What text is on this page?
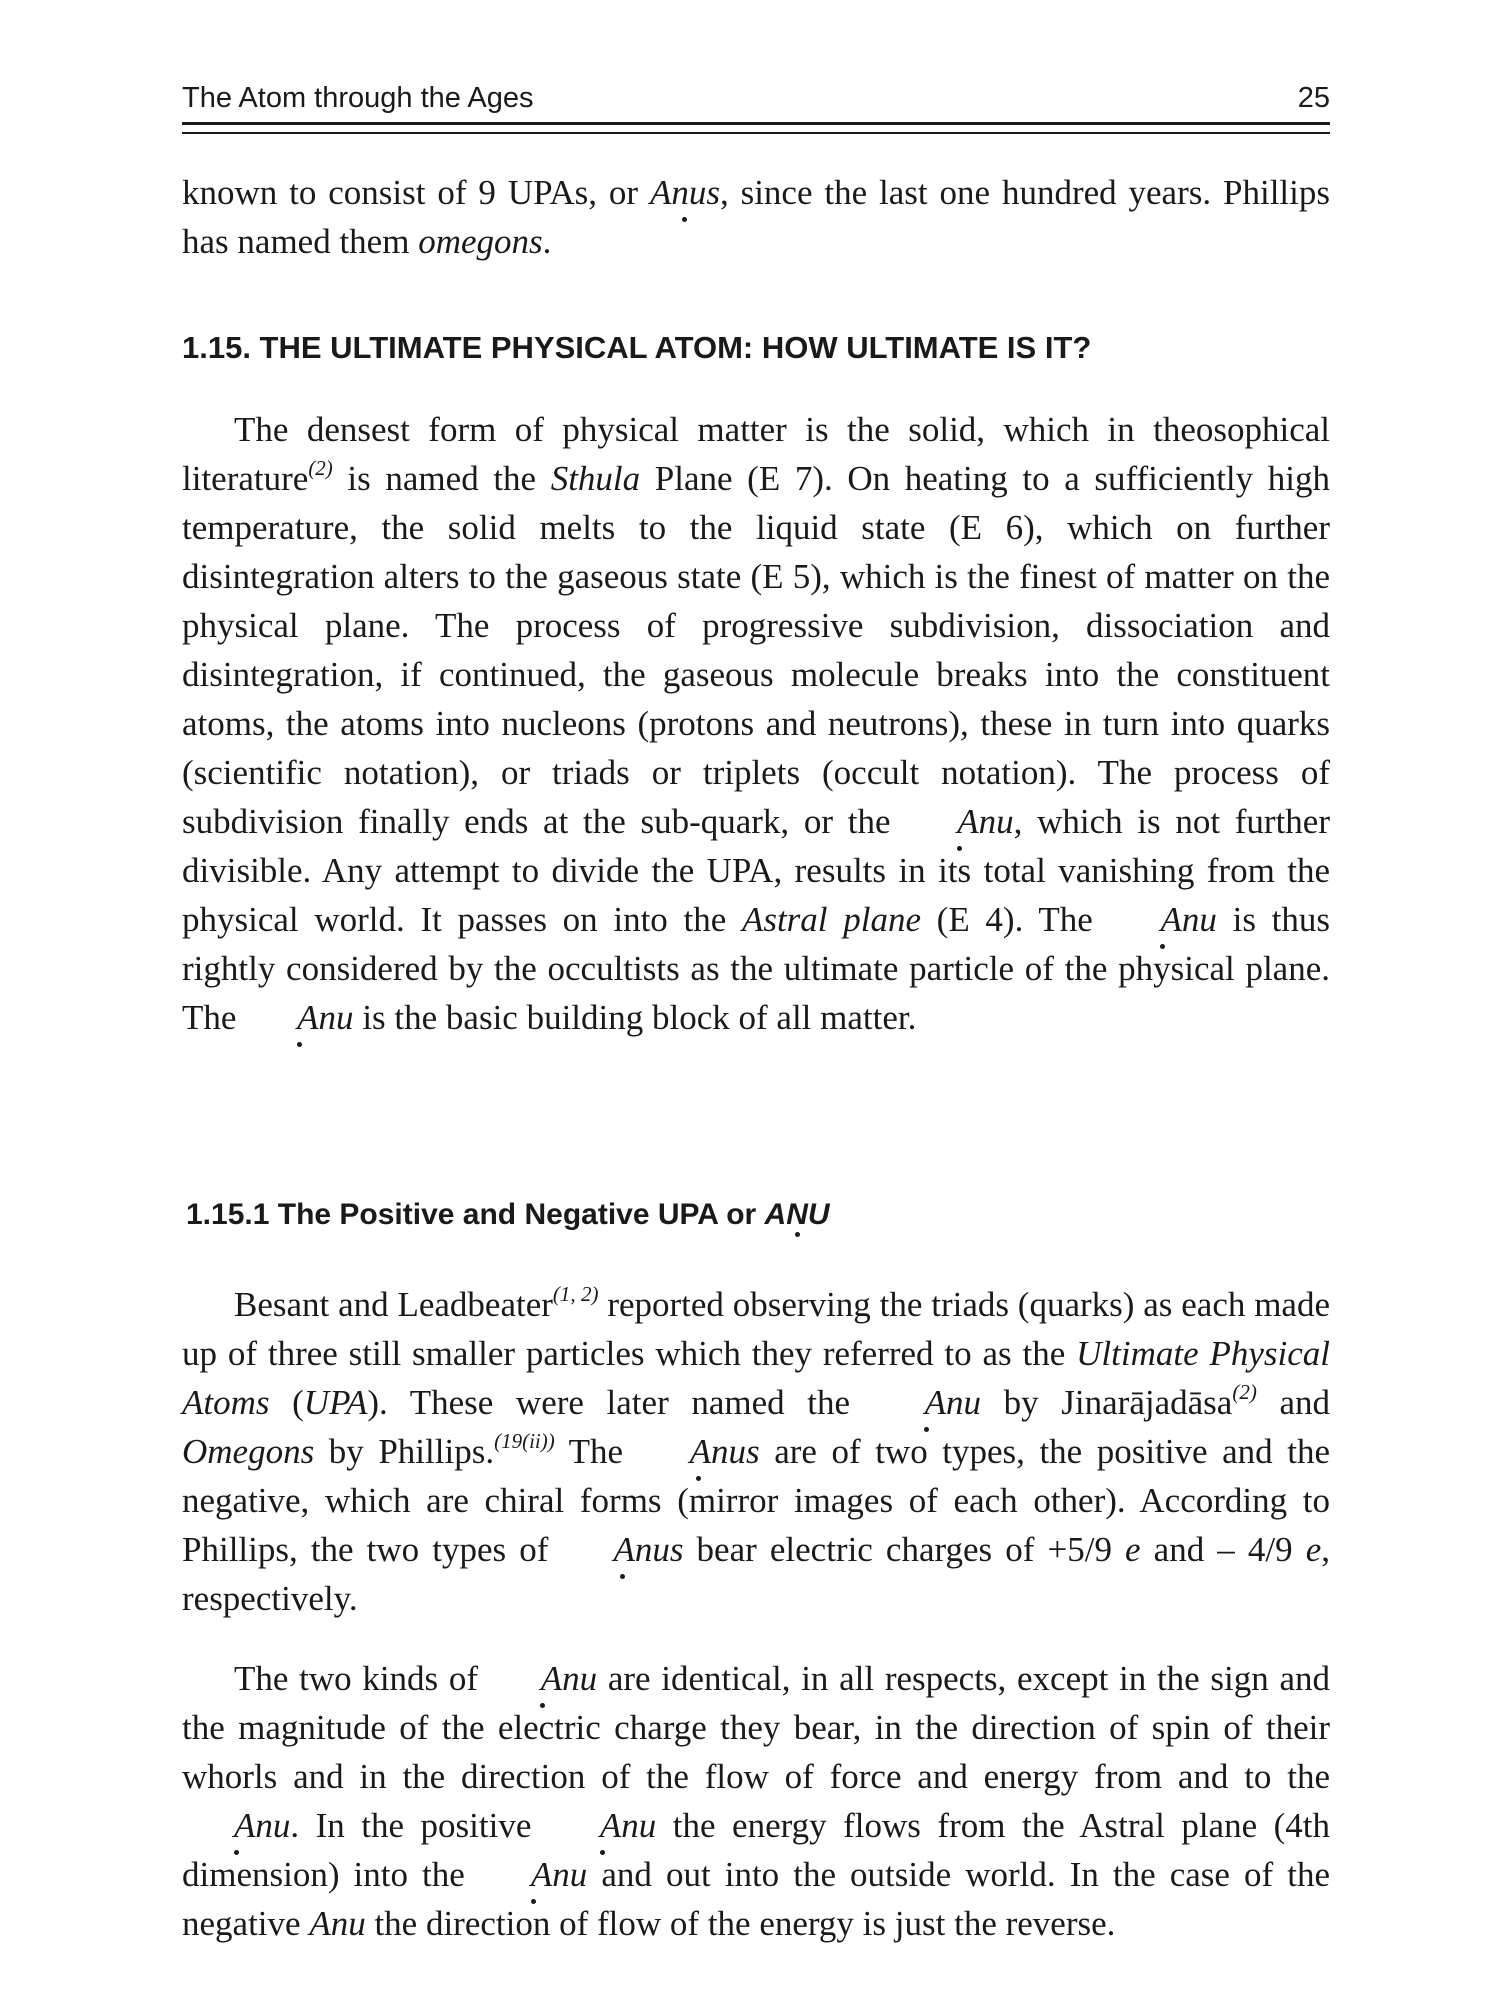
The Atom through the Ages	25

known to consist of 9 UPAs, or Anus, since the last one hundred years. Phillips has named them omegons.

1.15. THE ULTIMATE PHYSICAL ATOM: HOW ULTIMATE IS IT?

The densest form of physical matter is the solid, which in theosophical literature$^{(2)}$ is named the Sthula Plane (E 7). On heating to a sufficiently high temperature, the solid melts to the liquid state (E 6), which on further disintegration alters to the gaseous state (E 5), which is the finest of matter on the physical plane. The process of progressive subdivision, dissociation and disintegration, if continued, the gaseous molecule breaks into the constituent atoms, the atoms into nucleons (protons and neutrons), these in turn into quarks (scientific notation), or triads or triplets (occult notation). The process of subdivision finally ends at the sub-quark, or the Anu, which is not further divisible. Any attempt to divide the UPA, results in its total vanishing from the physical world. It passes on into the Astral plane (E 4). The Anu is thus rightly considered by the occultists as the ultimate particle of the physical plane. The Anu is the basic building block of all matter.

1.15.1 The Positive and Negative UPA or ANU

Besant and Leadbeater$^{(1, 2)}$ reported observing the triads (quarks) as each made up of three still smaller particles which they referred to as the Ultimate Physical Atoms (UPA). These were later named the Anu by Jinarājadāsa$^{(2)}$ and Omegons by Phillips.$^{(19(ii))}$ The Anus are of two types, the positive and the negative, which are chiral forms (mirror images of each other). According to Phillips, the two types of Anus bear electric charges of +5/9 e and – 4/9 e, respectively.

The two kinds of Anu are identical, in all respects, except in the sign and the magnitude of the electric charge they bear, in the direction of spin of their whorls and in the direction of the flow of force and energy from and to the Anu. In the positive Anu the energy flows from the Astral plane (4th dimension) into the Anu and out into the outside world. In the case of the negative Anu the direction of flow of the energy is just the reverse.
